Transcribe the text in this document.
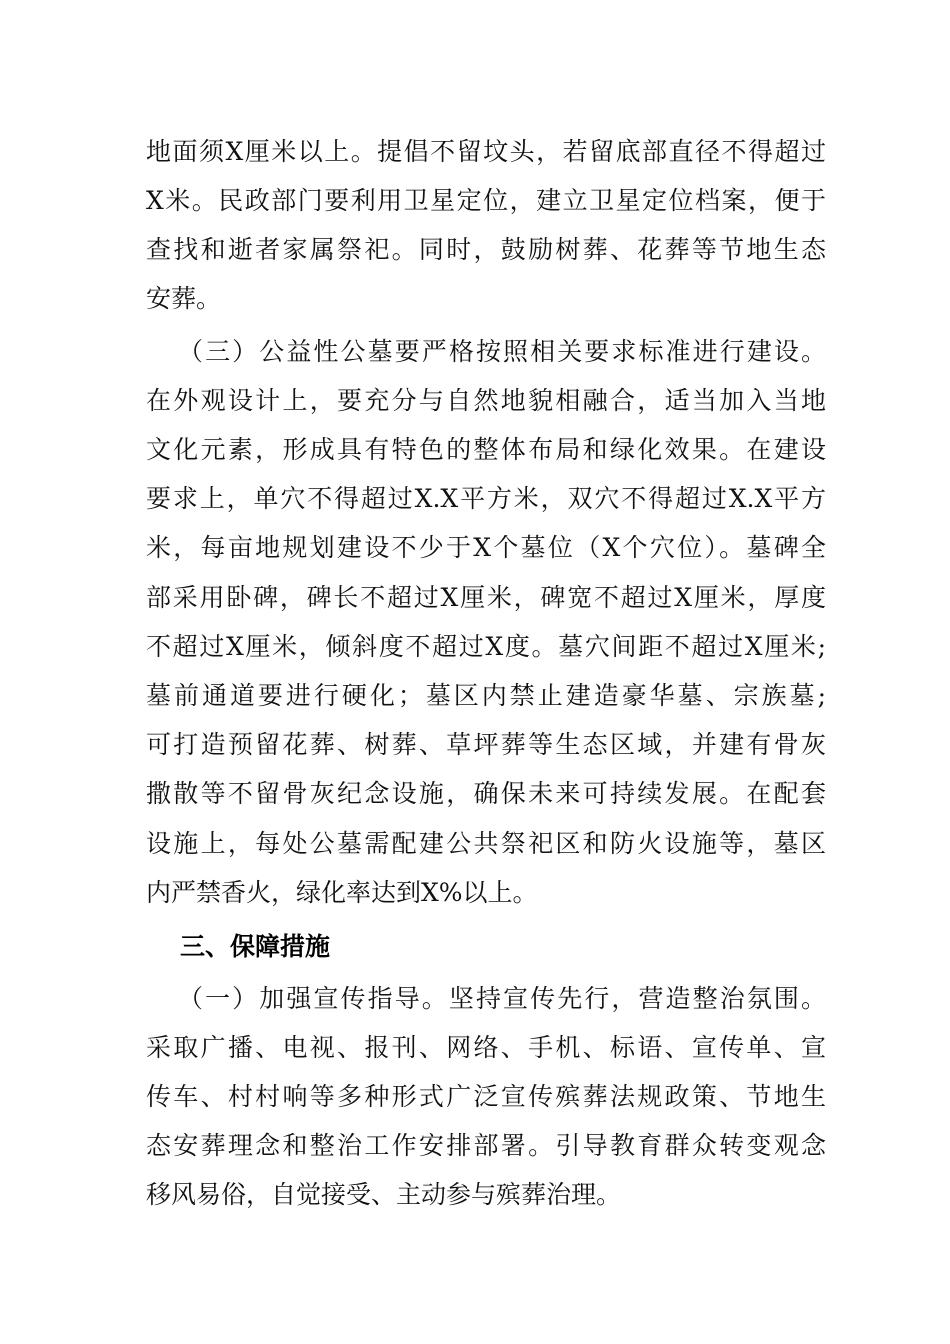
地面须X厘米以上。提倡不留坟头，若留底部直径不得超过
X米。民政部门要利用卫星定位，建立卫星定位档案，便于
查找和逝者家属祭祀。同时，鼓励树葬、花葬等节地生态
安葬。
（三）公益性公墓要严格按照相关要求标准进行建设。
在外观设计上，要充分与自然地貌相融合，适当加入当地
文化元素，形成具有特色的整体布局和绿化效果。在建设
要求上，单穴不得超过X.X平方米，双穴不得超过X.X平方
米，每亩地规划建设不少于X个墓位（X个穴位）。墓碑全
部采用卧碑，碑长不超过X厘米，碑宽不超过X厘米，厚度
不超过X厘米，倾斜度不超过X度。墓穴间距不超过X厘米;
墓前通道要进行硬化；墓区内禁止建造豪华墓、宗族墓;
可打造预留花葬、树葬、草坪葬等生态区域，并建有骨灰
撒散等不留骨灰纪念设施，确保未来可持续发展。在配套
设施上，每处公墓需配建公共祭祀区和防火设施等，墓区
内严禁香火，绿化率达到X%以上。
三、保障措施
（一）加强宣传指导。坚持宣传先行，营造整治氛围。
采取广播、电视、报刊、网络、手机、标语、宣传单、宣
传车、村村响等多种形式广泛宣传殡葬法规政策、节地生
态安葬理念和整治工作安排部署。引导教育群众转变观念
移风易俗，自觉接受、主动参与殡葬治理。
